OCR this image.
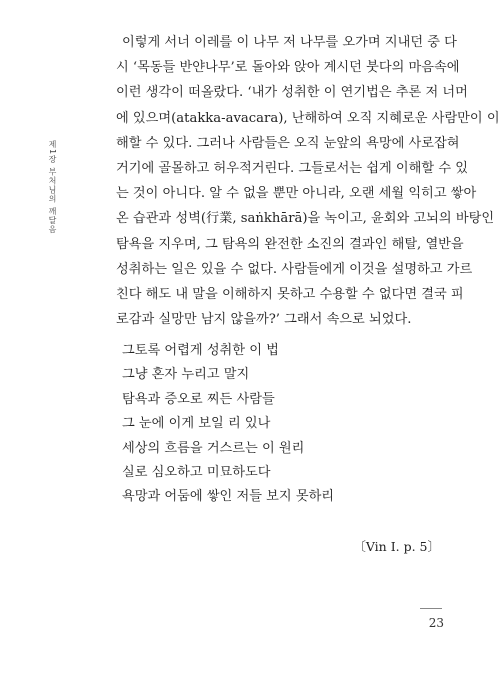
제1장 부처님의 깨달음
이렇게 서너 이레를 이 나무 저 나무를 오가며 지내던 중 다
시 ‘목동들 반얀나무’로 돌아와 앉아 계시던 붓다의 마음속에
이런 생각이 떠올랐다. ‘내가 성취한 이 연기법은 추론 저 너머
에 있으며(atakka-avacara), 난해하여 오직 지혜로운 사람만이 이
해할 수 있다. 그러나 사람들은 오직 눈앞의 욕망에 사로잡혀
거기에 골몰하고 허우적거린다. 그들로서는 쉽게 이해할 수 있
는 것이 아니다. 알 수 없을 뿐만 아니라, 오랜 세월 익히고 쌓아
온 습관과 성벽(行業, saṅkhārā)을 녹이고, 윤회와 고뇌의 바탕인
탐욕을 지우며, 그 탐욕의 완전한 소진의 결과인 해탈, 열반을
성취하는 일은 있을 수 없다. 사람들에게 이것을 설명하고 가르
친다 해도 내 말을 이해하지 못하고 수용할 수 없다면 결국 피
로감과 실망만 남지 않을까?’ 그래서 속으로 뇌었다.
그토록 어렵게 성취한 이 법
그냥 혼자 누리고 말지
탐욕과 증오로 찌든 사람들
그 눈에 이게 보일 리 있나
세상의 흐름을 거스르는 이 원리
실로 심오하고 미묘하도다
욕망과 어둠에 쌓인 저들 보지 못하리
〔Vin I. p. 5〕
23
